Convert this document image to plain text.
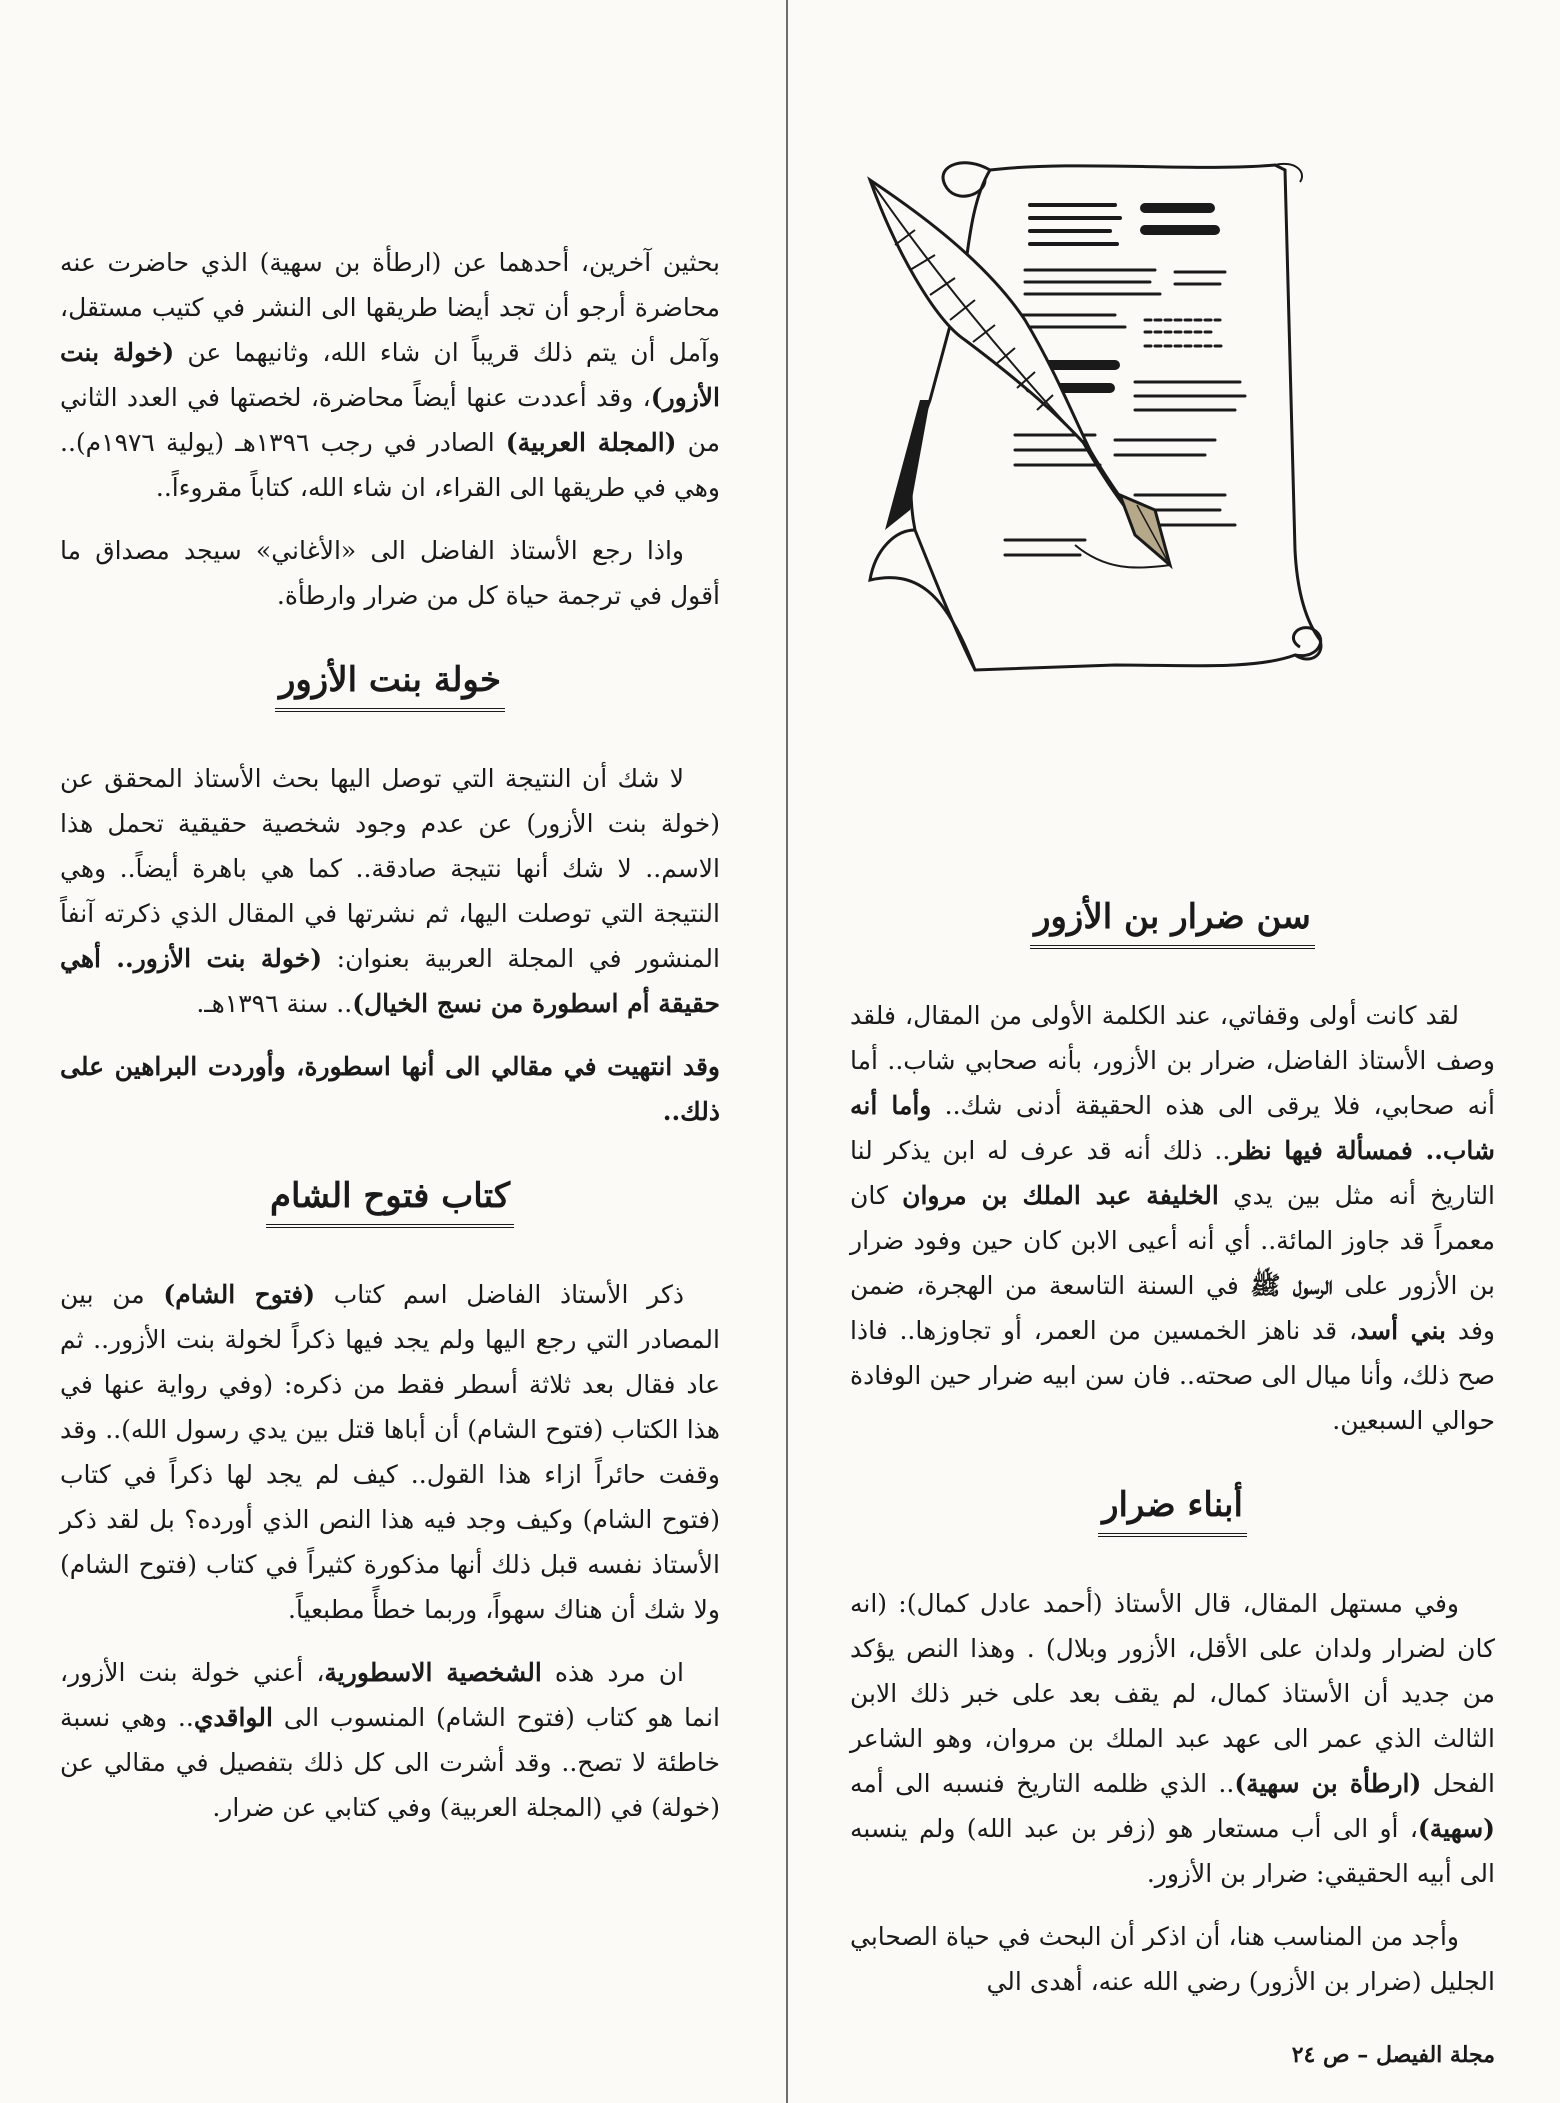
بحثين آخرين، أحدهما عن (ارطأة بن سهية) الذي حاضرت عنه محاضرة أرجو أن تجد أيضا طريقها الى النشر في كتيب مستقل، وآمل أن يتم ذلك قريباً ان شاء الله، وثانيهما عن (خولة بنت الأزور)، وقد أعددت عنها أيضاً محاضرة، لخصتها في العدد الثاني من (المجلة العربية) الصادر في رجب ١٣٩٦هـ (يولية ١٩٧٦م).. وهي في طريقها الى القراء، ان شاء الله، كتاباً مقروءاً..

واذا رجع الأستاذ الفاضل الى «الأغاني» سيجد مصداق ما أقول في ترجمة حياة كل من ضرار وارطأة.

خولة بنت الأزور

لا شك أن النتيجة التي توصل اليها بحث الأستاذ المحقق عن (خولة بنت الأزور) عن عدم وجود شخصية حقيقية تحمل هذا الاسم.. لا شك أنها نتيجة صادقة.. كما هي باهرة أيضاً.. وهي النتيجة التي توصلت اليها، ثم نشرتها في المقال الذي ذكرته آنفاً المنشور في المجلة العربية بعنوان: (خولة بنت الأزور.. أهي حقيقة أم اسطورة من نسج الخيال).. سنة ١٣٩٦هـ.

وقد انتهيت في مقالي الى أنها اسطورة، وأوردت البراهين على ذلك..

كتاب فتوح الشام

ذكر الأستاذ الفاضل اسم كتاب (فتوح الشام) من بين المصادر التي رجع اليها ولم يجد فيها ذكراً لخولة بنت الأزور.. ثم عاد فقال بعد ثلاثة أسطر فقط من ذكره: (وفي رواية عنها في هذا الكتاب (فتوح الشام) أن أباها قتل بين يدي رسول الله).. وقد وقفت حائراً ازاء هذا القول.. كيف لم يجد لها ذكراً في كتاب (فتوح الشام) وكيف وجد فيه هذا النص الذي أورده؟ بل لقد ذكر الأستاذ نفسه قبل ذلك أنها مذكورة كثيراً في كتاب (فتوح الشام) ولا شك أن هناك سهواً، وربما خطأً مطبعياً.

ان مرد هذه الشخصية الاسطورية، أعني خولة بنت الأزور، انما هو كتاب (فتوح الشام) المنسوب الى الواقدي.. وهي نسبة خاطئة لا تصح.. وقد أشرت الى كل ذلك بتفصيل في مقالي عن (خولة) في (المجلة العربية) وفي كتابي عن ضرار.

سن ضرار بن الأزور

لقد كانت أولى وقفاتي، عند الكلمة الأولى من المقال، فلقد وصف الأستاذ الفاضل، ضرار بن الأزور، بأنه صحابي شاب.. أما أنه صحابي، فلا يرقى الى هذه الحقيقة أدنى شك.. وأما أنه شاب.. فمسألة فيها نظر.. ذلك أنه قد عرف له ابن يذكر لنا التاريخ أنه مثل بين يدي الخليفة عبد الملك بن مروان كان معمراً قد جاوز المائة.. أي أنه أعيى الابن كان حين وفود ضرار بن الأزور على الرسول ﷺ في السنة التاسعة من الهجرة، ضمن وفد بني أسد، قد ناهز الخمسين من العمر، أو تجاوزها.. فاذا صح ذلك، وأنا ميال الى صحته.. فان سن ابيه ضرار حين الوفادة حوالي السبعين.

أبناء ضرار

وفي مستهل المقال، قال الأستاذ (أحمد عادل كمال): (انه كان لضرار ولدان على الأقل، الأزور وبلال) . وهذا النص يؤكد من جديد أن الأستاذ كمال، لم يقف بعد على خبر ذلك الابن الثالث الذي عمر الى عهد عبد الملك بن مروان، وهو الشاعر الفحل (ارطأة بن سهية).. الذي ظلمه التاريخ فنسبه الى أمه (سهية)، أو الى أب مستعار هو (زفر بن عبد الله) ولم ينسبه الى أبيه الحقيقي: ضرار بن الأزور.

وأجد من المناسب هنا، أن اذكر أن البحث في حياة الصحابي الجليل (ضرار بن الأزور) رضي الله عنه، أهدى الي

مجلة الفيصل – ص ٢٤
